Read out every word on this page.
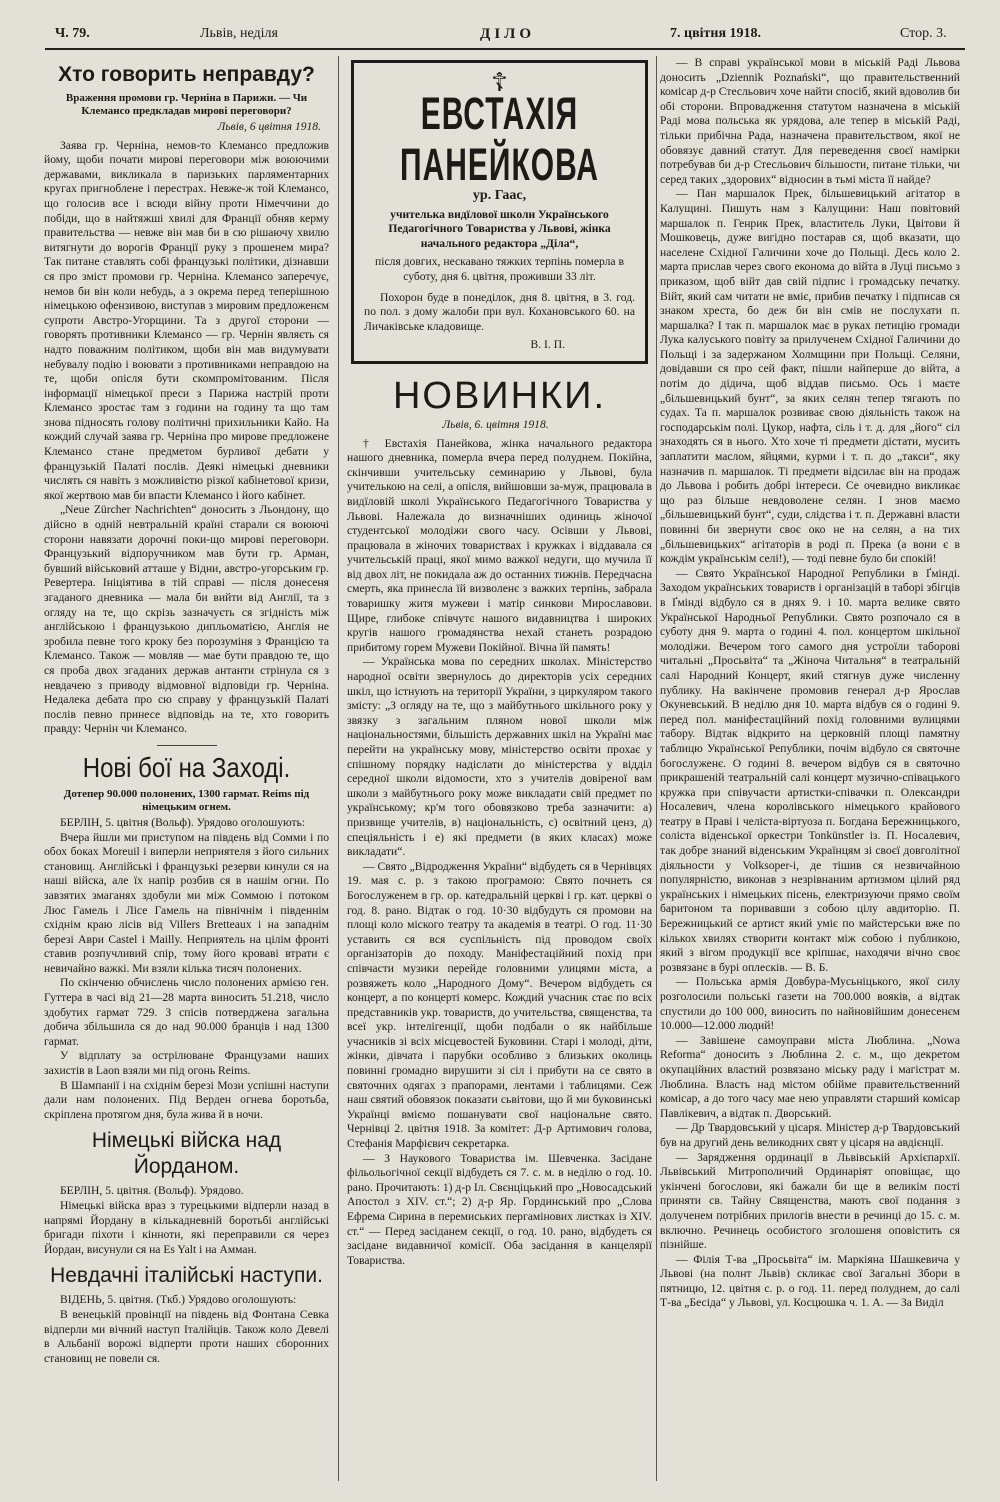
Ч. 79.	Львів, неділя	ДІЛО	7. цвітня 1918.	Стор. 3.
Хто говорить неправду?
Враження промови гр. Черніна в Парижи. — Чи Клемансо предкладав мирові переговори?
Львів, 6 цвітня 1918.

Заява гр. Черніна, немов-то Клемансо предложив йому, щоби почати мирові переговори між воюючими державами, викликала в паризьких парляментарних кругах пригноблене і перестрах. Невже-ж той Клемансо, що голосив все і всюди війну проти Німеччини до побіди, що в найтяжші хвилі для Франції обняв керму правительства — невже він мав би в сю рішаючу хвилю витягнути до ворогів Франції руку з прошенем мира? Так питане ставлять собі французькі політики, дізнавши ся про зміст промови гр. Черніна. Клемансо заперечує, немов би він коли небудь, а з окрема перед теперішною німецькою офензивою, виступав з мировим предложенєм супроти Австро-Угорщини. Та з другої сторони — говорять противники Клемансо — гр. Чернін являєть ся надто поважним політиком, щоби він мав видумувати небувалу подію і воювати з противниками неправдою на те, щоби опісля бути скомпромітованим. Після інформації німецької преси з Парижа настрій проти Клемансо зростає там з години на годину та що там знова підносять голову політичні прихильники Кайо. На кождий случай заява гр. Черніна про мирове предложене Клемансо стане предметом бурливої дебати у французькій Палаті послів. Деякі німецькі дневники числять ся навіть з можливістю різкої кабінетової кризи, якої жертвою мав би впасти Клемансо і його кабінет.

„Neue Zürcher Nachrichten“ доносить з Льондону, що дійсно в одній невтральній країні старали ся воюючі сторони навязати дорочні поки-що мирові переговори. Французький відпоручником мав бути гр. Арман, бувший військовий атташе у Відни, австро-угорським гр. Ревертера. Ініціятива в тій справі — після донесеня згаданого дневника — мала би вийти від Англії, та з огляду на те, що скрізь зазначуєть ся згідність між англійською і французькою дипльоматією, Англія не зробила певне того кроку без порозуміня з Францією та Клемансо. Також — мовляв — мае бути правдою те, що ся проба двох згаданих держав антанти стрінула ся з невдачею з приводу відмовної відповіди гр. Черніна. Недалека дебата про сю справу у французькій Палаті послів певно принесе відповідь на те, хто говорить правду: Чернін чи Клемансо.

Нові бої на Заході.
Дотепер 90.000 полонених, 1300 гармат. Reims під німецьким огнем.

БЕРЛІН, 5. цвітня (Вольф). Урядово оголошують:

Вчера йшли ми приступом на південь від Сомми і по обох боках Moreuil і виперли неприятеля з його сильних становищ. Англійські і французькі резерви кинули ся на наші війска, але їх напір розбив ся в нашім огни. По завзятих змаганях здобули ми між Соммою і потоком Люс Гамель і Лісе Гамель на північнім і південнім східнім краю лісів від Villers Bretteaux і на западнім березі Аври Castel і Mailly. Неприятель на цілім фронті ставив розпучливий спір, тому його кроваві втрати є невичайно важкі. Ми взяли кілька тисяч полонених.

По скінченю обчислень число полонених армією ген. Гуттера в часі від 21—28 марта виносить 51.218, число здобутих гармат 729. З спісів потверджена загальна добича збільшила ся до над 90.000 бранців і над 1300 гармат.

У відплату за острілюване Французами наших захистів в Laon взяли ми під огонь Reims.

В Шампанії і на східнім березі Мози успішні наступи дали нам полонених. Під Верден огнева боротьба, скріплена протягом дня, була жива й в ночи.

Німецькі війска над Йорданом.

БЕРЛІН, 5. цвітня. (Вольф). Урядово.

Німецькі війска враз з турецькими відперли назад в напрямі Йордану в кількадневній боротьбі англійські бригади піхоти і кінноти, які переправили ся через Йордан, висунули ся на Es Yalt і на Амман.

Невдачні італійські наступи.

ВІДЕНЬ, 5. цвітня. (Ткб.) Урядово оголошують:

В венецькій провінції на південь від Фонтана Севка відперли ми вічний наступ Італійців. Також коло Девелі в Альбанії ворожі відперти проти наших сборонних становищ не повели ся.

☦
ЕВСТАХІЯ ПАНЕЙКОВА
ур. Гаас,

учителька видїлової школи Українського Педагогічного Товариства у Львові, жінка начального редактора „Діла“,

після довгих, нескавано тяжких терпінь померла в суботу, дня 6. цвітня, проживши 33 літ.

Похорон буде в понеділок, дня 8. цвітня, в 3. год. по пол. з дому жалоби при вул. Кохановського 60. на Личаківське кладовище.

В. І. П.

НОВИНКИ.
Львів, 6. цвітня 1918.

† Евстахія Панейкова, жінка начального редактора нашого дневника, померла вчера перед полуднем. Покійна, скінчивши учительську семинарию у Львові, була учителькою на селі, а опісля, вийшовши за-муж, працювала в видїловій школі Українського Педагогічного Товариства у Львові. Належала до визначніших одиниць жіночої студентської молодіжи свого часу. Осівши у Львові, працювала в жіночих товариствах і кружках і віддавала ся учительській праці, якої мимо важкої недуги, що мучила її від двох літ, не покидала аж до останних тижнів. Передчасна смерть, яка принесла їй визволенє з важких терпінь, забрала товаришку житя мужеви і матір синкови Мирославови. Щире, глибоке співчутє нашого видавництва і широких кругів нашого громадянства нехай станеть розрадою прибитому горем Мужеви Покійної. Вічна їй память!

— Українська мова по середних школах. Міністерство народної освіти звернулось до директорів усіх середних шкіл, що істнують на території України, з циркуляром такого змісту: „З огляду на те, що з майбутнього шкільного року у звязку з загальним пляном нової школи між національностями, більшість державних шкіл на Україні має перейти на українську мову, міністерство освіти прохає у спішному порядку надіслати до міністерства у відділ середної школи відомости, хто з учителів довіреної вам школи з майбутнього року може викладати свій предмет по українському; кр'м того обовязково треба зазначити: а) призвище учителів, в) національність, с) освітний ценз, д) спеціяльність і е) які предмети (в яких класах) може викладати“.

— Свято „Відродження України“ відбудеть ся в Чернівцях 19. мая с. р. з такою програмою: Свято почнеть ся Богослуженем в гр. ор. катедральній церкві і гр. кат. церкві о год. 8. рано. Відтак о год. 10·30 відбудуть ся промови на площі коло міского театру та академія в театрі. О год. 11·30 уставить ся вся суспільність під проводом своїх організаторів до походу. Маніфестаційний похід при співчасти музики перейде головними улицями міста, а розвяжеть коло „Народного Дому“. Вечером відбудеть ся концерт, а по концерті комерс. Кождий учасник стає по всіх представників укр. товариств, до учительства, священства, та всеї укр. інтелігенції, щоби подбали о як найбільше учасників зі всіх місцевостей Буковини. Старі і молоді, діти, жінки, дівчата і парубки особливо з близьких околиць повинні громадно вирушити зі сіл і прибути на се свято в святочних одягах з прапорами, лентами і таблицями. Сеж наш святий обовязок показати сьвітови, що й ми буковинські Українці вміємо пошанувати свої національне свято. Чернівці 2. цвітня 1918. За комітет: Д-р Артимович голова, Стефанія Марфієвич секретарка.

— З Наукового Товариства ім. Шевченка. Засідане фільольогічної секції відбудеть ся 7. с. м. в неділю о год. 10. рано. Прочитають: 1) д-р Іл. Свєнціцький про „Новосадський Апостол з XIV. ст.“; 2) д-р Яр. Гординський про „Слова Ефрема Сирина в перемиських пергамінових листках із XIV. ст.“ — Перед засіданем секції, о год. 10. рано, відбудеть ся засідане видавничої комісії. Оба засідання в канцелярії Товариства.

— В справі української мови в міській Раді Львова доносить „Dziennik Poznański“, що правительственний комісар д-р Стесльович хоче найти спосіб, який вдоволив би обі сторони. Впровадження статутом назначена в міській Раді мова польська як урядова, але тепер в міській Раді, тільки прибічна Рада, назначена правительством, якої не обовязує давний статут. Для переведення своєї намірки потребував би д-р Стесльович більшости, питане тільки, чи серед таких „здорових“ відносин в тьмі міста її найде?

— Пан маршалок Прек, більшевицький агітатор в Калущині. Пишуть нам з Калущини: Наш повітовий маршалок п. Генрик Прек, властитель Луки, Цвітови й Мошковець, дуже вигідно постарав ся, щоб вказати, що населене Східної Галичини хоче до Польщі. Десь коло 2. марта прислав через свого економа до війта в Луці письмо з приказом, щоб війт дав свій підпис і громадську печатку. Війт, який сам читати не вміє, прибив печатку і підписав ся знаком хреста, бо деж би він смів не послухати п. маршалка? І так п. маршалок має в руках петицію громади Лука калуського повіту за прилученем Східної Галичини до Польщі і за задержаном Холмщини при Польщі. Селяни, довідавши ся про сей факт, пішли найперше до війта, а потім до дідича, щоб віддав письмо. Ось і маєте „більшевицький бунт“, за яких селян тепер тягають по судах. Та п. маршалок розвиває свою діяльність також на господарськім полі. Цукор, нафта, сіль і т. д. для „його“ сіл знаходять ся в нього. Хто хоче ті предмети дістати, мусить заплатити маслом, яйцями, курми і т. п. до „такси“, яку назначив п. маршалок. Ті предмети відсилає він на продаж до Львова і робить добрі інтереси. Се очевидно викликає що раз більше невдоволене селян. І знов маємо „більшевицький бунт“, суди, слідства і т. п. Державні власти повинні би звернути своє око не на селян, а на тих „більшевицьких“ агітаторів в роді п. Прека (а вони є в кождім українськім селі!), — тоді певне було би спокій!

— Свято Української Народної Републики в Ґмінді. Заходом українських товариств і організацій в таборі збігців в Ґмінді відбуло ся в днях 9. і 10. марта велике свято Української Народньої Републики. Свято розпочало ся в суботу дня 9. марта о годині 4. пол. концертом шкільної молодіжи. Вечером того самого дня устроїли таборові читальні „Просьвіта“ та „Жіноча Читальня“ в театральній салі Народний Концерт, який стягнув дуже численну публику. На вакінчене промовив генерал д-р Ярослав Окуневський. В неділю дня 10. марта відбув ся о годині 9. перед пол. маніфестаційний похід головними вулицями табору. Відтак відкрито на церковній площі памятну таблицю Української Републики, почім відбуло ся святочне богослуженє. О годині 8. вечером відбув ся в святочно прикрашеній театральній салі концерт музично-співацького кружка при співучасти артистки-співачки п. Олександри Носалевич, члена королівського німецького крайового театру в Праві і челіста-віртуоза п. Богдана Бережницького, соліста віденської оркестри Tonkünstler із. П. Носалевич, так добре знаний віденським Українцям зі своєї довголітної діяльности у Volksoper-і, де тішив ся незвичайною популярністю, виконав з незрівнаним артизмом цілий ряд українських і німецьких пісень, електризуючи прямо своїм баритоном та поривавши з собою цілу авдиторію. П. Бережницький се артист який уміє по майстерськи вже по кількох хвилях створити контакт між собою і публикою, який з вігом продукції все кріпшає, находячи вічно своє розвязанє в бурі оплесків. — В. Б.

— Польська армія Довбура-Мусьніцького, якої силу розголосили польські газети на 700.000 вояків, а відтак спустили до 100 000, виносить по найновійшим донесенєм 10.000—12.000 людий!

— Завішене самоуправи міста Люблина. „Nowa Reforma“ доносить з Люблина 2. с. м., що декретом окупаційних властий розвязано міську раду і магістрат м. Люблина. Власть над містом обійме правительственний комісар, а до того часу мае нею управляти старший комісар Павлікевич, а відтак п. Дворський.

— Др Твардовський у цісаря. Міністер д-р Твардовський був на другий день великодних свят у цісаря на авдієнції.

— Зарядження ординації в Львівській Архієпархії. Львівський Митрополичий Ординаріят оповіщає, що укінчені богослови, які бажали би ще в великім пості приняти св. Тайну Священства, мають свої подання з долученем потрібних прилогів внести в речинці до 15. с. м. включно. Речинець особистого зголошеня оповістить ся пізнійше.

— Філія Т-ва „Просьвіта“ ім. Маркіяна Шашкевича у Львові (на полнт Львів) скликає свої Загальні Збори в пятницю, 12. цвітня с. р. о год. 11. перед полуднем, до салі Т-ва „Бесіда“ у Львові, ул. Косцюшка ч. 1. А. — За Виділ
